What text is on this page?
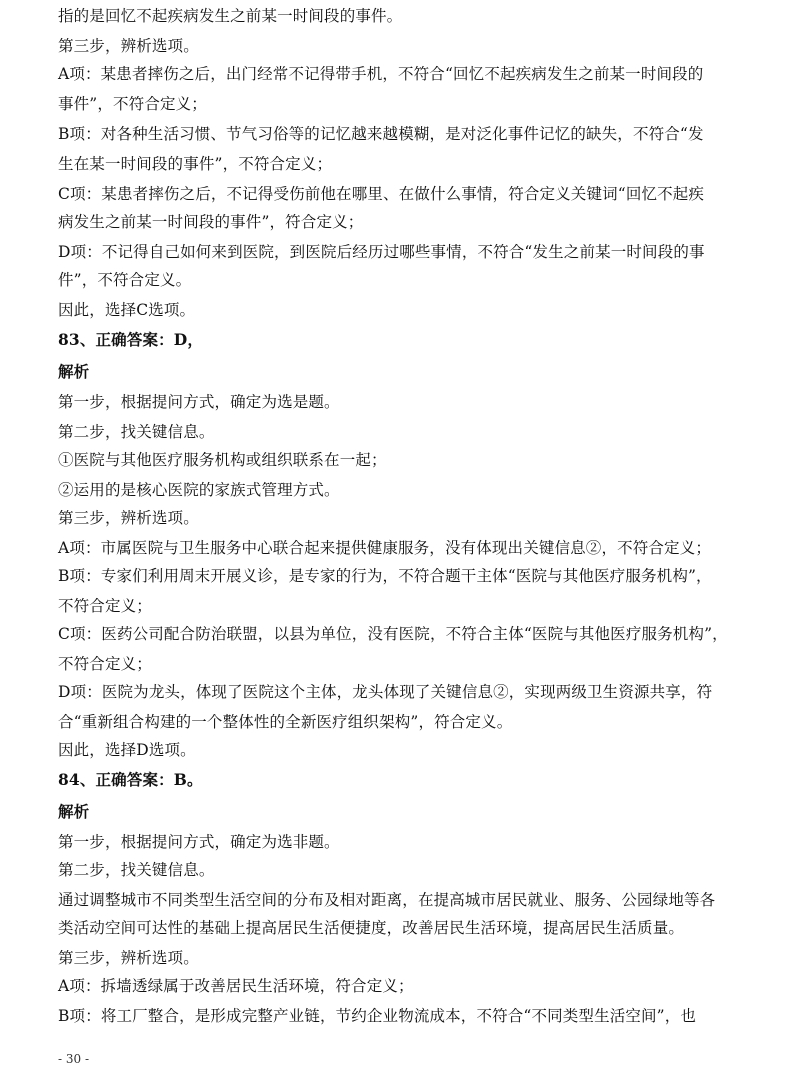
指的是回忆不起疾病发生之前某一时间段的事件。
第三步，辨析选项。
A项：某患者摔伤之后，出门经常不记得带手机，不符合“回忆不起疾病发生之前某一时间段的
事件”，不符合定义；
B项：对各种生活习惯、节气习俗等的记忆越来越模糊，是对泛化事件记忆的缺失，不符合“发
生在某一时间段的事件”，不符合定义；
C项：某患者摔伤之后，不记得受伤前他在哪里、在做什么事情，符合定义关键词“回忆不起疾
病发生之前某一时间段的事件”，符合定义；
D项：不记得自己如何来到医院，到医院后经历过哪些事情，不符合“发生之前某一时间段的事
件”，不符合定义。
因此，选择C选项。
83、正确答案：D，
解析
第一步，根据提问方式，确定为选是题。
第二步，找关键信息。
①医院与其他医疗服务机构或组织联系在一起；
②运用的是核心医院的家族式管理方式。
第三步，辨析选项。
A项：市属医院与卫生服务中心联合起来提供健康服务，没有体现出关键信息②，不符合定义；
B项：专家们利用周末开展义诊，是专家的行为，不符合题干主体“医院与其他医疗服务机构”，
不符合定义；
C项：医药公司配合防治联盟，以县为单位，没有医院，不符合主体“医院与其他医疗服务机构”，
不符合定义；
D项：医院为龙头，体现了医院这个主体，龙头体现了关键信息②，实现两级卫生资源共享，符
合“重新组合构建的一个整体性的全新医疗组织架构”，符合定义。
因此，选择D选项。
84、正确答案：B。
解析
第一步，根据提问方式，确定为选非题。
第二步，找关键信息。
通过调整城市不同类型生活空间的分布及相对距离，在提高城市居民就业、服务、公园绿地等各
类活动空间可达性的基础上提高居民生活便捷度，改善居民生活环境，提高居民生活质量。
第三步，辨析选项。
A项：拆墙透绿属于改善居民生活环境，符合定义；
B项：将工厂整合，是形成完整产业链，节约企业物流成本，不符合“不同类型生活空间”，也
- 30 -
